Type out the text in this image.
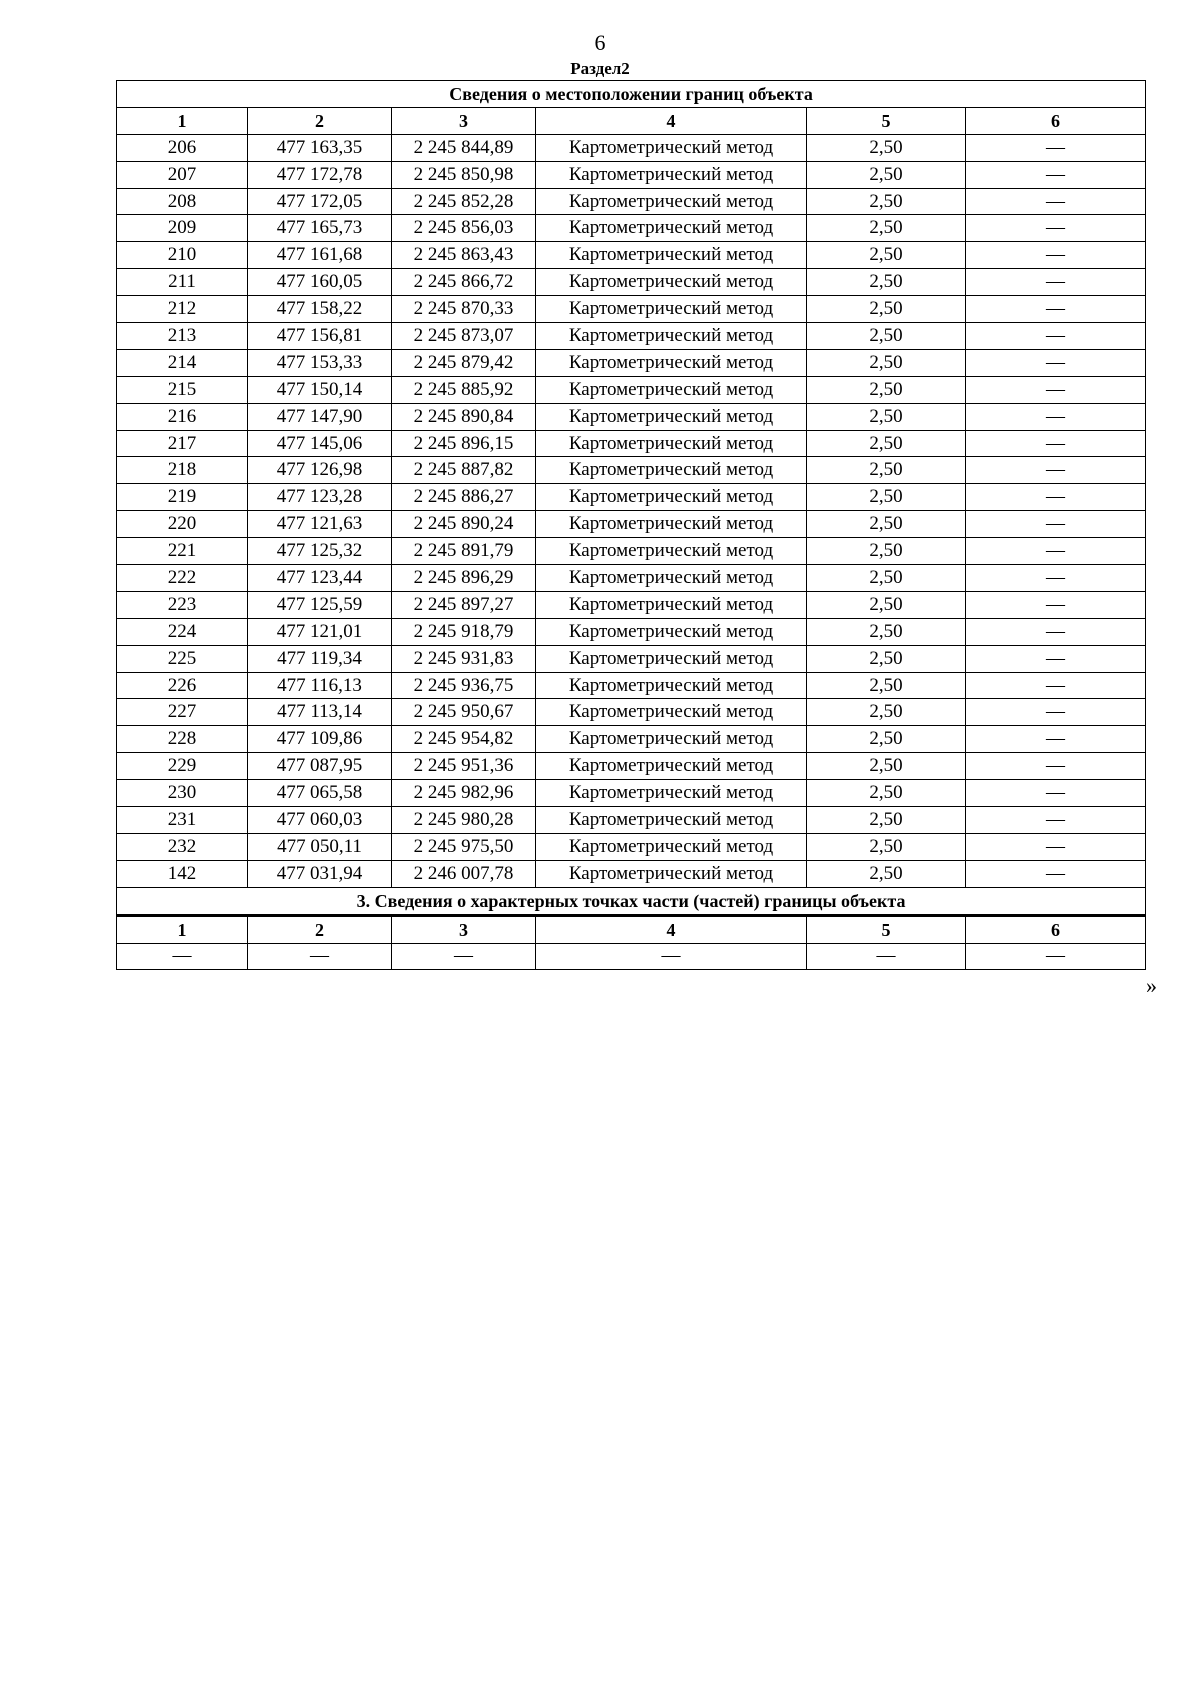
6
Раздел2
Сведения о местоположении границ объекта					
1	2	3	4	5	6
206	477 163,35	2 245 844,89	Картометрический метод	2,50	—
207	477 172,78	2 245 850,98	Картометрический метод	2,50	—
208	477 172,05	2 245 852,28	Картометрический метод	2,50	—
209	477 165,73	2 245 856,03	Картометрический метод	2,50	—
210	477 161,68	2 245 863,43	Картометрический метод	2,50	—
211	477 160,05	2 245 866,72	Картометрический метод	2,50	—
212	477 158,22	2 245 870,33	Картометрический метод	2,50	—
213	477 156,81	2 245 873,07	Картометрический метод	2,50	—
214	477 153,33	2 245 879,42	Картометрический метод	2,50	—
215	477 150,14	2 245 885,92	Картометрический метод	2,50	—
216	477 147,90	2 245 890,84	Картометрический метод	2,50	—
217	477 145,06	2 245 896,15	Картометрический метод	2,50	—
218	477 126,98	2 245 887,82	Картометрический метод	2,50	—
219	477 123,28	2 245 886,27	Картометрический метод	2,50	—
220	477 121,63	2 245 890,24	Картометрический метод	2,50	—
221	477 125,32	2 245 891,79	Картометрический метод	2,50	—
222	477 123,44	2 245 896,29	Картометрический метод	2,50	—
223	477 125,59	2 245 897,27	Картометрический метод	2,50	—
224	477 121,01	2 245 918,79	Картометрический метод	2,50	—
225	477 119,34	2 245 931,83	Картометрический метод	2,50	—
226	477 116,13	2 245 936,75	Картометрический метод	2,50	—
227	477 113,14	2 245 950,67	Картометрический метод	2,50	—
228	477 109,86	2 245 954,82	Картометрический метод	2,50	—
229	477 087,95	2 245 951,36	Картометрический метод	2,50	—
230	477 065,58	2 245 982,96	Картометрический метод	2,50	—
231	477 060,03	2 245 980,28	Картометрический метод	2,50	—
232	477 050,11	2 245 975,50	Картометрический метод	2,50	—
142	477 031,94	2 246 007,78	Картометрический метод	2,50	—
3. Сведения о характерных точках части (частей) границы объекта					
1	2	3	4	5	6
—	—	—	—	—	—
»
